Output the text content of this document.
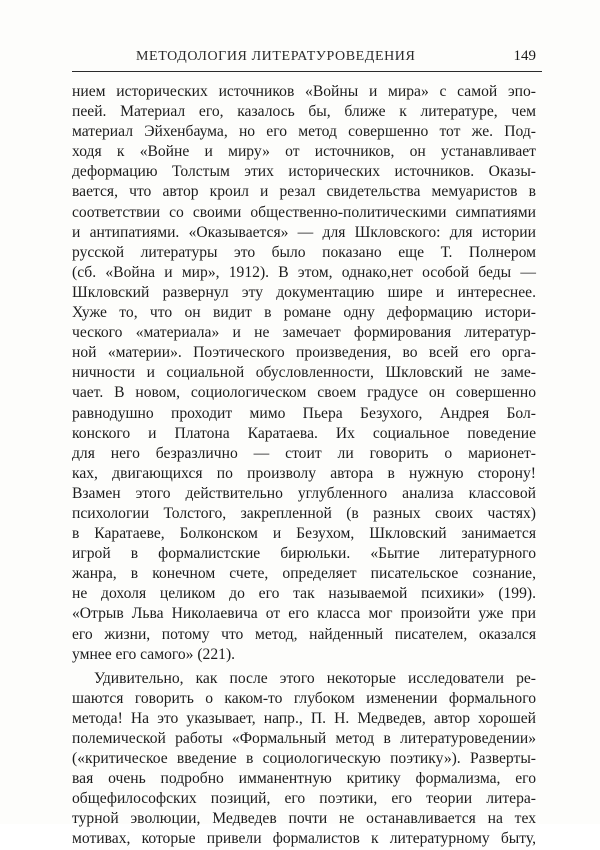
МЕТОДОЛОГИЯ ЛИТЕРАТУРОВЕДЕНИЯ	149
нием исторических источников «Войны и мира» с самой эпо-
пеей. Материал его, казалось бы, ближе к литературе, чем
материал Эйхенбаума, но его метод совершенно тот же. Под-
ходя к «Войне и миру» от источников, он устанавливает
деформацию Толстым этих исторических источников. Оказы-
вается, что автор кроил и резал свидетельства мемуаристов в
соответствии со своими общественно-политическими симпатиями
и антипатиями. «Оказывается» — для Шкловского: для истории
русской литературы это было показано еще Т. Полнером
(сб. «Война и мир», 1912). В этом, однако,нет особой беды —
Шкловский развернул эту документацию шире и интереснее.
Хуже то, что он видит в романе одну деформацию истори-
ческого «материала» и не замечает формирования литератур-
ной «материи». Поэтического произведения, во всей его орга-
ничности и социальной обусловленности, Шкловский не заме-
чает. В новом, социологическом своем градусе он совершенно
равнодушно проходит мимо Пьера Безухого, Андрея Бол-
конского и Платона Каратаева. Их социальное поведение
для него безразлично — стоит ли говорить о марионет-
ках, двигающихся по произволу автора в нужную сторону!
Взамен этого действительно углубленного анализа классовой
психологии Толстого, закрепленной (в разных своих частях)
в Каратаеве, Болконском и Безухом, Шкловский занимается
игрой в формалистские бирюльки. «Бытие литературного
жанра, в конечном счете, определяет писательское сознание,
не дохоля целиком до его так называемой психики» (199).
«Отрыв Льва Николаевича от его класса мог произойти уже при
его жизни, потому что метод, найденный писателем, оказался
умнее его самого» (221).
Удивительно, как после этого некоторые исследователи ре-
шаются говорить о каком-то глубоком изменении формального
метода! На это указывает, напр., П. Н. Медведев, автор хорошей
полемической работы «Формальный метод в литературоведении»
(«критическое введение в социологическую поэтику»). Разверты-
вая очень подробно имманентную критику формализма, его
общефилософских позиций, его поэтики, его теории литера-
турной эволюции, Медведев почти не останавливается на тех
мотивах, которые привели формалистов к литературному быту,
